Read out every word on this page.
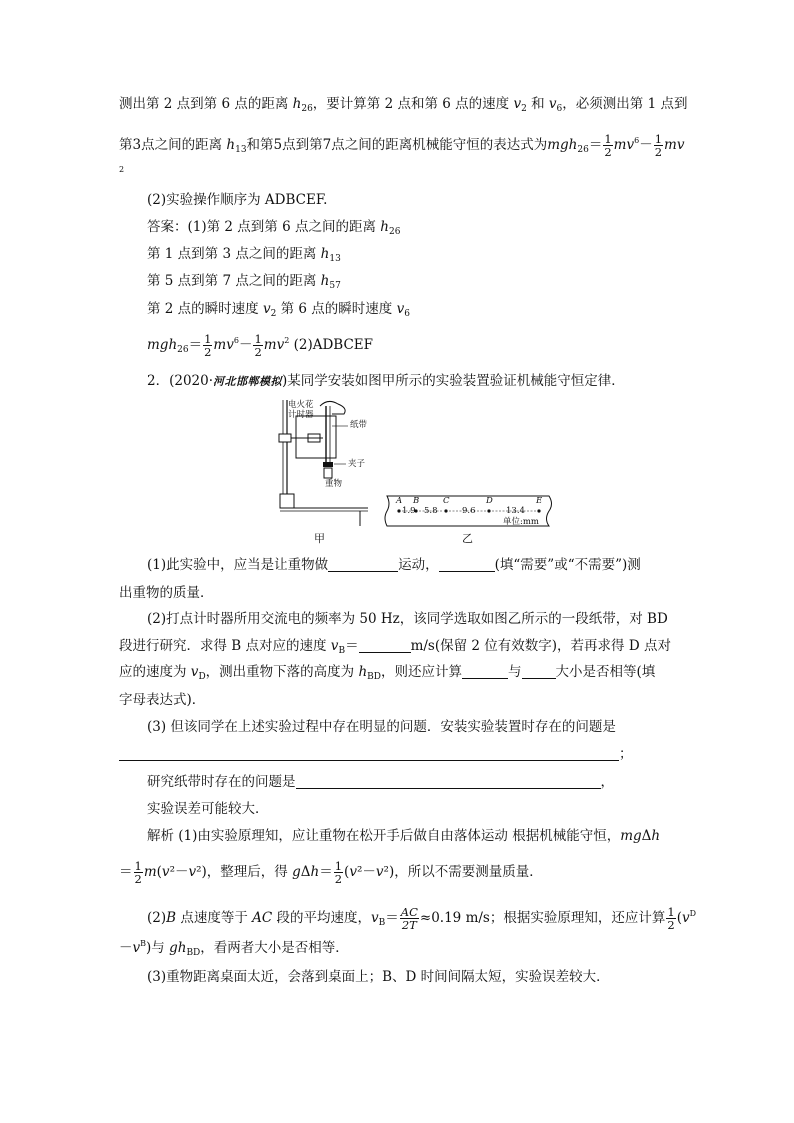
测出第 2 点到第 6 点的距离 $h_{26}$，要计算第 2 点和第 6 点的速度 $v_2$ 和 $v_6$，必须测出第 1 点到
第3点之间的距离 $h_{13}$和第5点到第7点之间的距离机械能守恒的表达式为$mgh_{26}= \frac{1}{2} mv^6- \frac{1}{2}$ mv
$^2$
(2)实验操作顺序为 ADBCEF.
答案：(1)第 2 点到第 6 点之间的距离 $h_{26}$
第 1 点到第 3 点之间的距离 $h_{13}$
第 5 点到第 7 点之间的距离 $h_{57}$
第 2 点的瞬时速度 $v_2$ 第 6 点的瞬时速度 $v_6$
$mgh_{26}= \frac{1}{2} mv^6- \frac{1}{2} mv^2$ (2)ADBCEF
2．(2020·河北邯郸模拟)某同学安装如图甲所示的实验装置验证机械能守恒定律．
电火花
计时器
纸带
夹子
重物
甲
A B	C	D	E
1.9 5.8	9.6	13.4
单位:mm
乙
(1)此实验中，应当是让重物做	运动，	(填“需要”或“不需要”)测
出重物的质量．
(2)打点计时器所用交流电的频率为 50 Hz，该同学选取如图乙所示的一段纸带，对 BD
段进行研究．求得 B 点对应的速度 $v_B=$	m/s(保留 2 位有效数字)，若再求得 D 点对
应的速度为 $v_D$，测出重物下落的高度为 $h_{BD}$，则还应计算	与	大小是否相等(填
字母表达式)．
(3) 但该同学在上述实验过程中存在明显的问题．安装实验装置时存在的问题是
；
研究纸带时存在的问题是	，
实验误差可能较大．
解析 (1)由实验原理知，应让重物在松开手后做自由落体运动 根据机械能守恒，mgΔh
＝ $\frac{1}{2} m(v^2-v^2)$，整理后，得 $g\Delta h= \frac{1}{2} (v^2-v^2)$，所以不需要测量质量．
(2)B 点速度等于 AC 段的平均速度，$v_B= \frac{AC}{2T} \approx 0.19$ m/s；根据实验原理知，还应计算 $\frac{1}{2} (v^D$
$-v^B$)与 $gh_{BD}$，看两者大小是否相等．
(3)重物距离桌面太近，会落到桌面上；B、D 时间间隔太短，实验误差较大．
